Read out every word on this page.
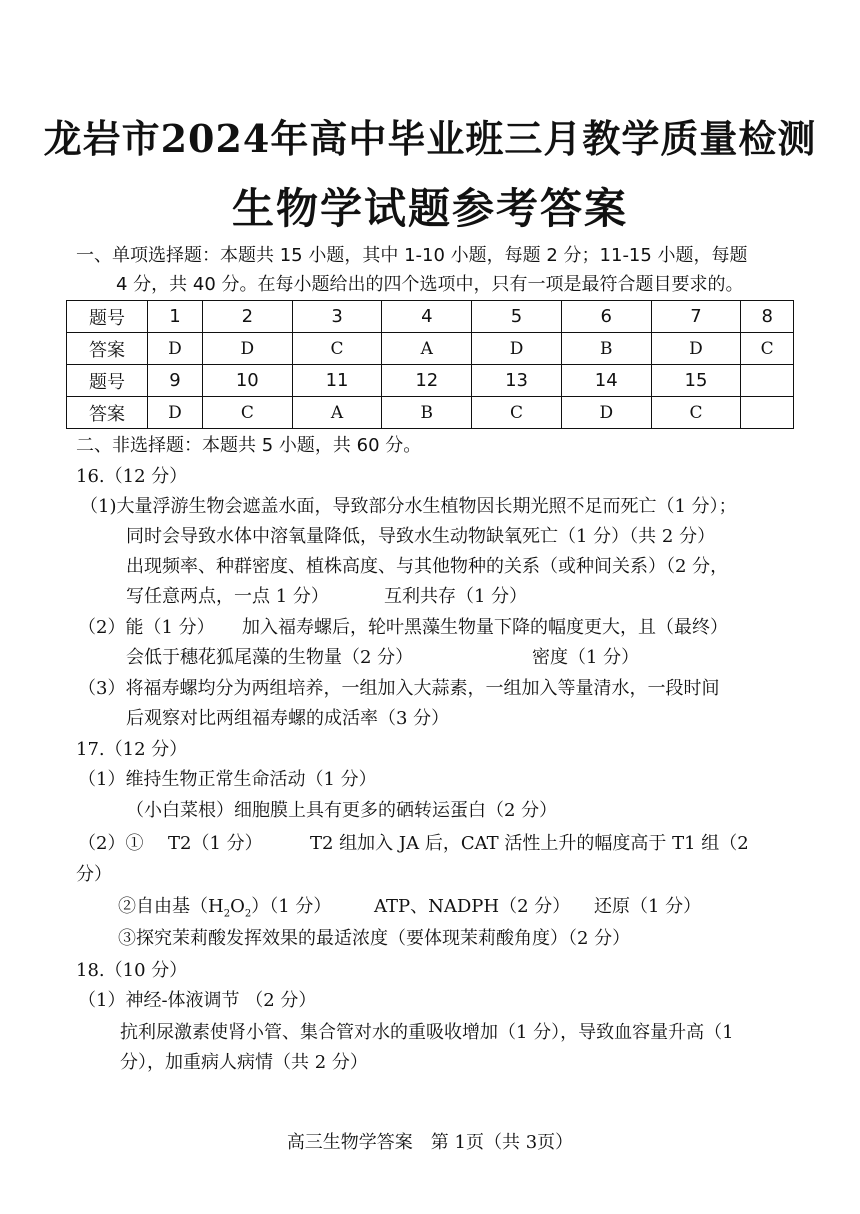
龙岩市2024年高中毕业班三月教学质量检测
生物学试题参考答案
一、单项选择题：本题共 15 小题，其中 1-10 小题，每题 2 分；11-15 小题，每题
4 分，共 40 分。在每小题给出的四个选项中，只有一项是最符合题目要求的。
题号	1	2	3	4	5	6	7	8
答案	D	D	C	A	D	B	D	C
题号	9	10	11	12	13	14	15	
答案	D	C	A	B	C	D	C	
二、非选择题：本题共 5 小题，共 60 分。
16.（12 分）
（1)大量浮游生物会遮盖水面，导致部分水生植物因长期光照不足而死亡（1 分）；
同时会导致水体中溶氧量降低，导致水生动物缺氧死亡（1 分）（共 2 分）
出现频率、种群密度、植株高度、与其他物种的关系（或种间关系）（2 分，
写任意两点，一点 1 分）	互利共存（1 分）
（2）能（1 分） 加入福寿螺后，轮叶黑藻生物量下降的幅度更大，且（最终）
会低于穗花狐尾藻的生物量（2 分）	密度（1 分）
（3）将福寿螺均分为两组培养，一组加入大蒜素，一组加入等量清水，一段时间
后观察对比两组福寿螺的成活率（3 分）
17.（12 分）
（1）维持生物正常生命活动（1 分）
（小白菜根）细胞膜上具有更多的硒转运蛋白（2 分）
（2）① T2（1 分）	T2 组加入 JA 后，CAT 活性上升的幅度高于 T1 组（2
分）
②自由基$(H_2O_2)(1$ 分） ATP、NADPH（2 分） 还原（1 分）
③探究茉莉酸发挥效果的最适浓度（要体现茉莉酸角度）（2 分）
18.（10 分）
（1）神经-体液调节 （2 分）
抗利尿激素使肾小管、集合管对水的重吸收增加（1 分），导致血容量升高（1
分），加重病人病情（共 2 分）
高三生物学答案　第 1页（共 3页）
